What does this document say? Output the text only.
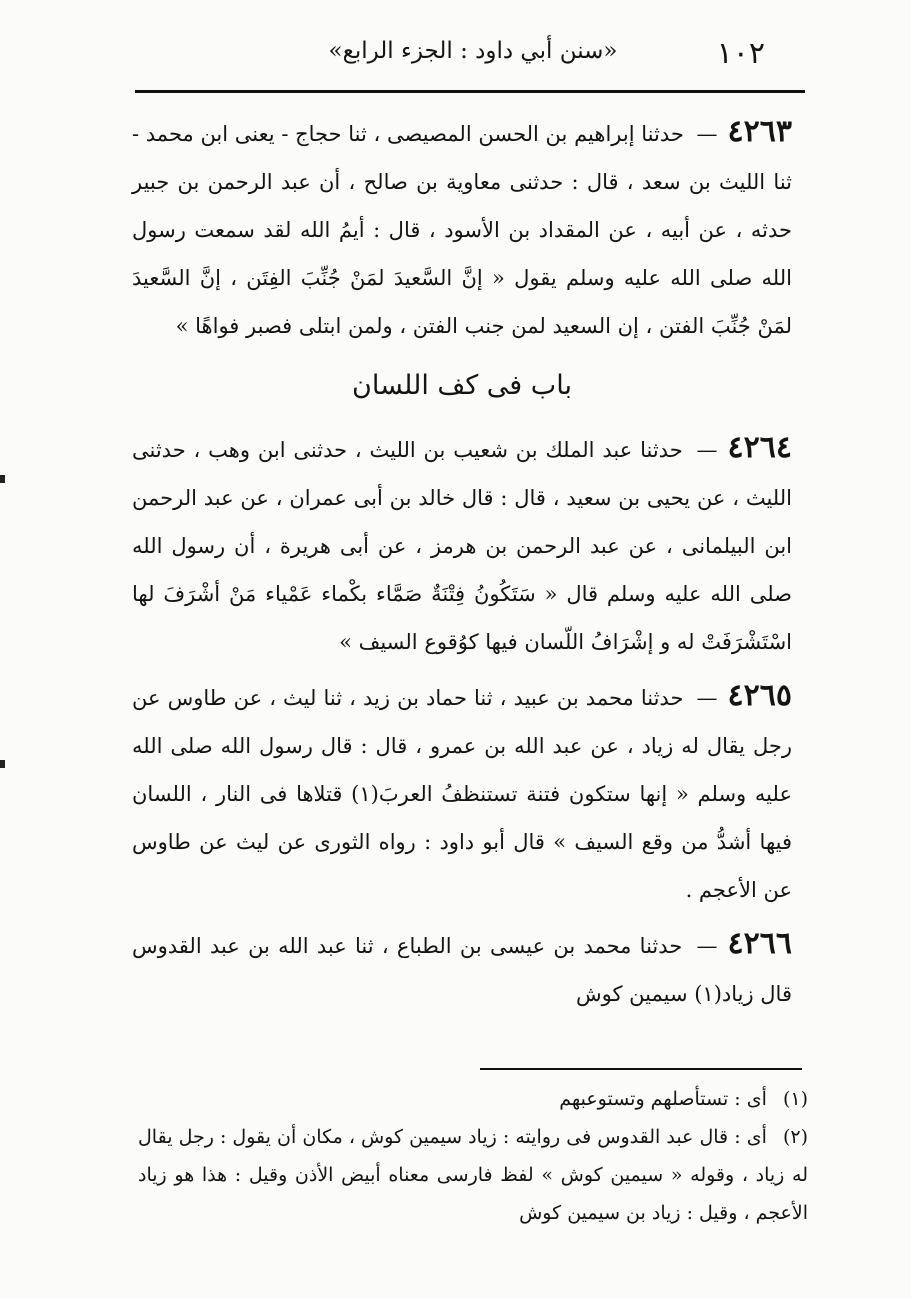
١٠٢
«سنن أبي داود : الجزء الرابع»

٤٢٦٣— حدثنا إبراهيم بن الحسن المصيصى ، ثنا حجاج - يعنى ابن محمد - ثنا الليث بن سعد ، قال : حدثنى معاوية بن صالح ، أن عبد الرحمن بن جبير حدثه ، عن أبيه ، عن المقداد بن الأسود ، قال : أيمُ الله لقد سمعت رسول الله صلى الله عليه وسلم يقول « إنَّ السَّعيدَ لمَنْ جُنِّبَ الفِتَن ، إنَّ السَّعيدَ لمَنْ جُنِّبَ الفتن ، إن السعيد لمن جنب الفتن ، ولمن ابتلى فصبر فواهًا »

باب فى كف اللسان

٤٢٦٤— حدثنا عبد الملك بن شعيب بن الليث ، حدثنى ابن وهب ، حدثنى الليث ، عن يحيى بن سعيد ، قال : قال خالد بن أبى عمران ، عن عبد الرحمن ابن البيلمانى ، عن عبد الرحمن بن هرمز ، عن أبى هريرة ، أن رسول الله صلى الله عليه وسلم قال « سَتَكُونُ فِتْنَةٌ صَمَّاء بكْماء عَمْياء مَنْ أشْرَفَ لها اسْتَشْرَفَتْ له و إشْرَافُ اللّسان فيها كوُقوع السيف »

٤٢٦٥— حدثنا محمد بن عبيد ، ثنا حماد بن زيد ، ثنا ليث ، عن طاوس عن رجل يقال له زياد ، عن عبد الله بن عمرو ، قال : قال رسول الله صلى الله عليه وسلم « إنها ستكون فتنة تستنظفُ العربَ(١) قتلاها فى النار ، اللسان فيها أشدُّ من وقع السيف » قال أبو داود : رواه الثورى عن ليث عن طاوس عن الأعجم .

٤٢٦٦— حدثنا محمد بن عيسى بن الطباع ، ثنا عبد الله بن عبد القدوس قال زياد(١) سيمين كوش

(١) أى : تستأصلهم وتستوعبهم

(٢) أى : قال عبد القدوس فى روايته : زياد سيمين كوش ، مكان أن يقول : رجل يقال له زياد ، وقوله « سيمين كوش » لفظ فارسى معناه أبيض الأذن وقيل : هذا هو زياد الأعجم ، وقيل : زياد بن سيمين كوش
